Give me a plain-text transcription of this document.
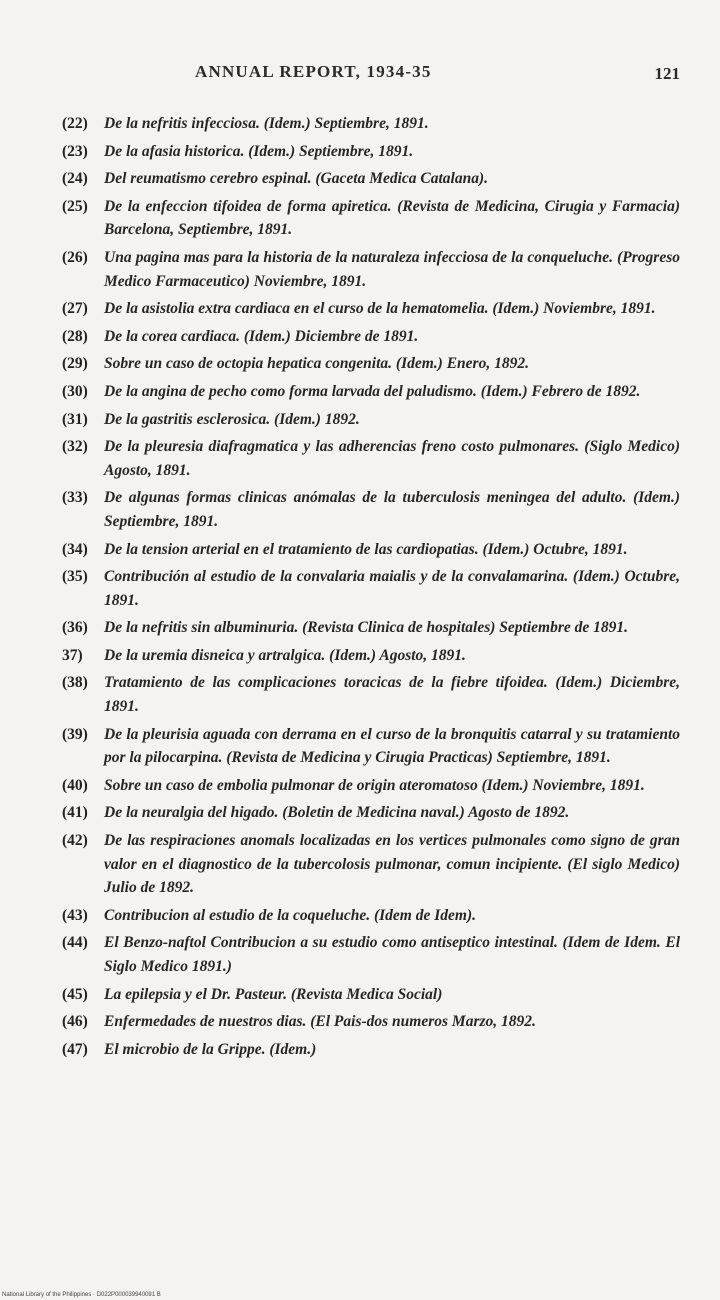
ANNUAL REPORT, 1934-35	121
(22)	De la nefritis infecciosa. (Idem.) Septiembre, 1891.
(23)	De la afasia historica. (Idem.) Septiembre, 1891.
(24)	Del reumatismo cerebro espinal. (Gaceta Medica Catalana).
(25)	De la enfeccion tifoidea de forma apiretica. (Revista de Medicina, Cirugia y Farmacia) Barcelona, Septiembre, 1891.
(26)	Una pagina mas para la historia de la naturaleza infecciosa de la conqueluche. (Progreso Medico Farmaceutico) Noviembre, 1891.
(27)	De la asistolia extra cardiaca en el curso de la hematomelia. (Idem.) Noviembre, 1891.
(28)	De la corea cardiaca. (Idem.) Diciembre de 1891.
(29)	Sobre un caso de octopia hepatica congenita. (Idem.) Enero, 1892.
(30)	De la angina de pecho como forma larvada del paludismo. (Idem.) Febrero de 1892.
(31)	De la gastritis esclerosica. (Idem.) 1892.
(32)	De la pleuresia diafragmatica y las adherencias freno costo pulmonares. (Siglo Medico) Agosto, 1891.
(33)	De algunas formas clinicas anómalas de la tuberculosis meningea del adulto. (Idem.) Septiembre, 1891.
(34)	De la tension arterial en el tratamiento de las cardiopatias. (Idem.) Octubre, 1891.
(35)	Contribución al estudio de la convalaria maialis y de la convalamarina. (Idem.) Octubre, 1891.
(36)	De la nefritis sin albuminuria. (Revista Clinica de hospitales) Septiembre de 1891.
37)	De la uremia disneica y artralgica. (Idem.) Agosto, 1891.
(38)	Tratamiento de las complicaciones toracicas de la fiebre tifoidea. (Idem.) Diciembre, 1891.
(39)	De la pleurisia aguada con derrama en el curso de la bronquitis catarral y su tratamiento por la pilocarpina. (Revista de Medicina y Cirugia Practicas) Septiembre, 1891.
(40)	Sobre un caso de embolia pulmonar de origin ateromatoso (Idem.) Noviembre, 1891.
(41)	De la neuralgia del higado. (Boletin de Medicina naval.) Agosto de 1892.
(42)	De las respiraciones anomals localizadas en los vertices pulmonales como signo de gran valor en el diagnostico de la tubercolosis pulmonar, comun incipiente. (El siglo Medico) Julio de 1892.
(43)	Contribucion al estudio de la coqueluche. (Idem de Idem).
(44)	El Benzo-naftol Contribucion a su estudio como antiseptico intestinal. (Idem de Idem. El Siglo Medico 1891.)
(45)	La epilepsia y el Dr. Pasteur. (Revista Medica Social)
(46)	Enfermedades de nuestros dias. (El Pais-dos numeros Marzo, 1892.
(47)	El microbio de la Grippe. (Idem.)
National Library of the Philippines · D022P000039940091 B
